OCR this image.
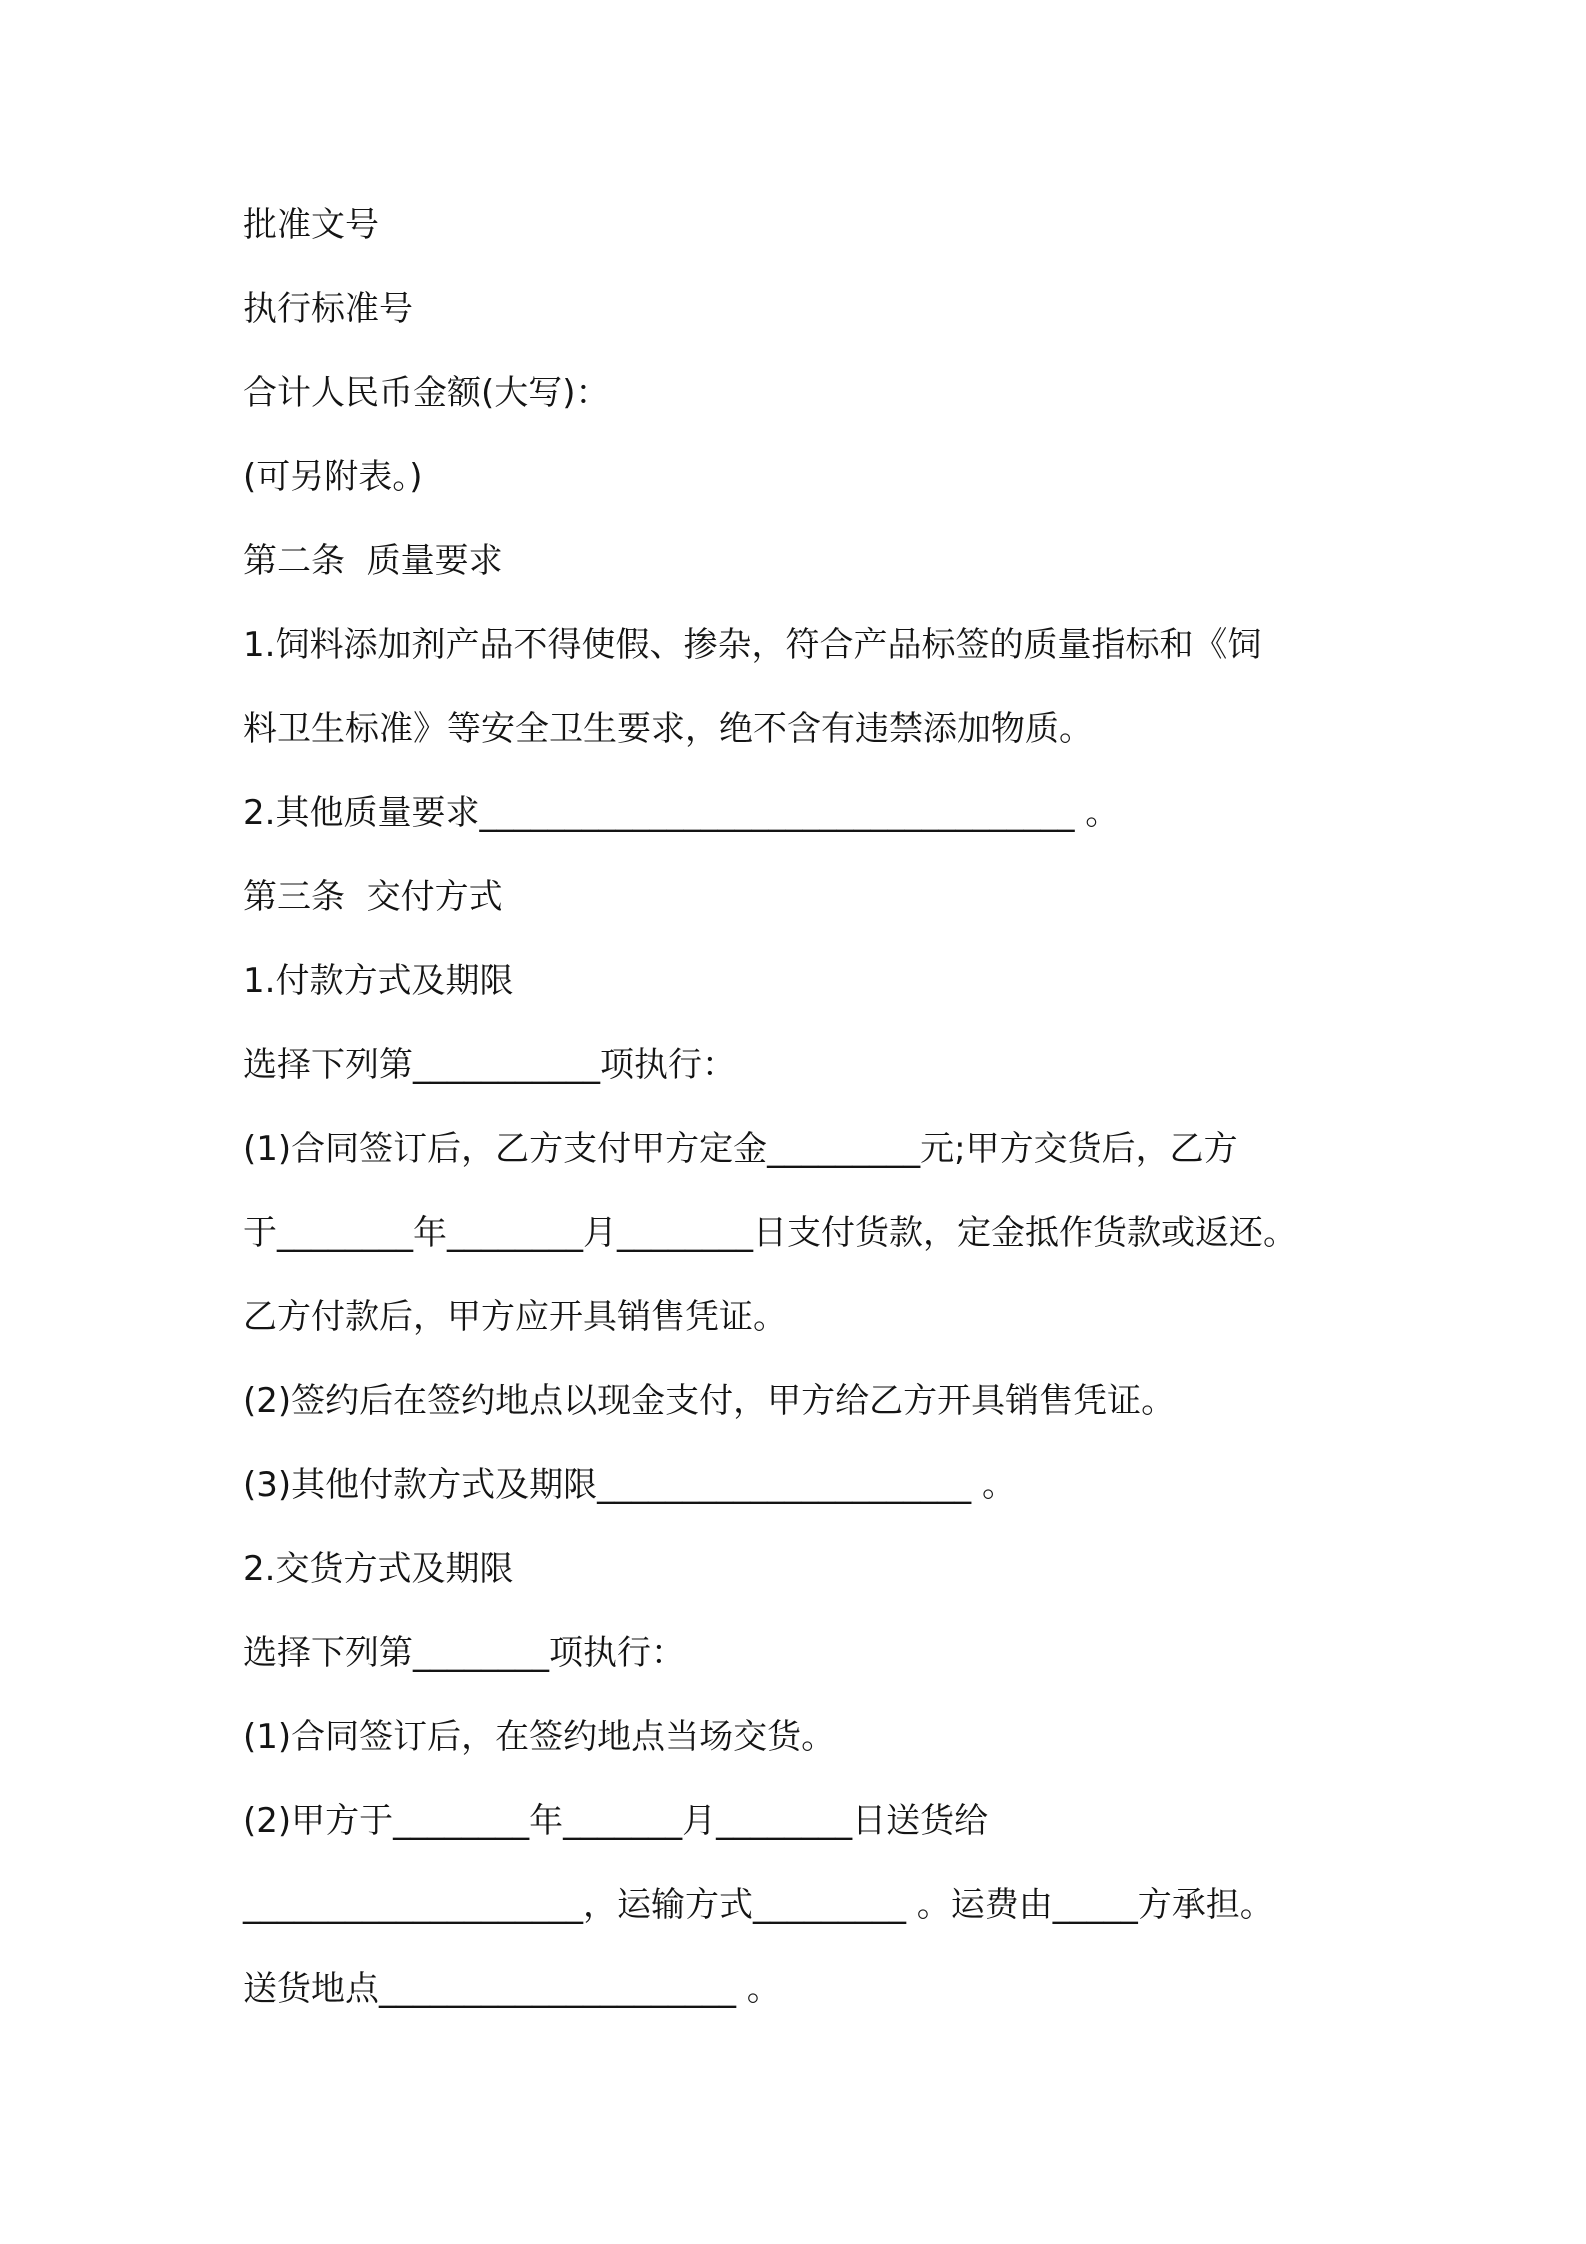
批准文号
执行标准号
合计人民币金额(大写)：
(可另附表。)
第二条  质量要求
1.饲料添加剂产品不得使假、掺杂，符合产品标签的质量指标和《饲
料卫生标准》等安全卫生要求，绝不含有违禁添加物质。
2.其他质量要求___________________________________ 。
第三条  交付方式
1.付款方式及期限
选择下列第___________项执行：
(1)合同签订后，乙方支付甲方定金_________元;甲方交货后，乙方
于________年________月________日支付货款，定金抵作货款或返还。
乙方付款后，甲方应开具销售凭证。
(2)签约后在签约地点以现金支付，甲方给乙方开具销售凭证。
(3)其他付款方式及期限______________________ 。
2.交货方式及期限
选择下列第________项执行：
(1)合同签订后，在签约地点当场交货。
(2)甲方于________年_______月________日送货给
____________________，运输方式_________ 。运费由_____方承担。
送货地点_____________________ 。
